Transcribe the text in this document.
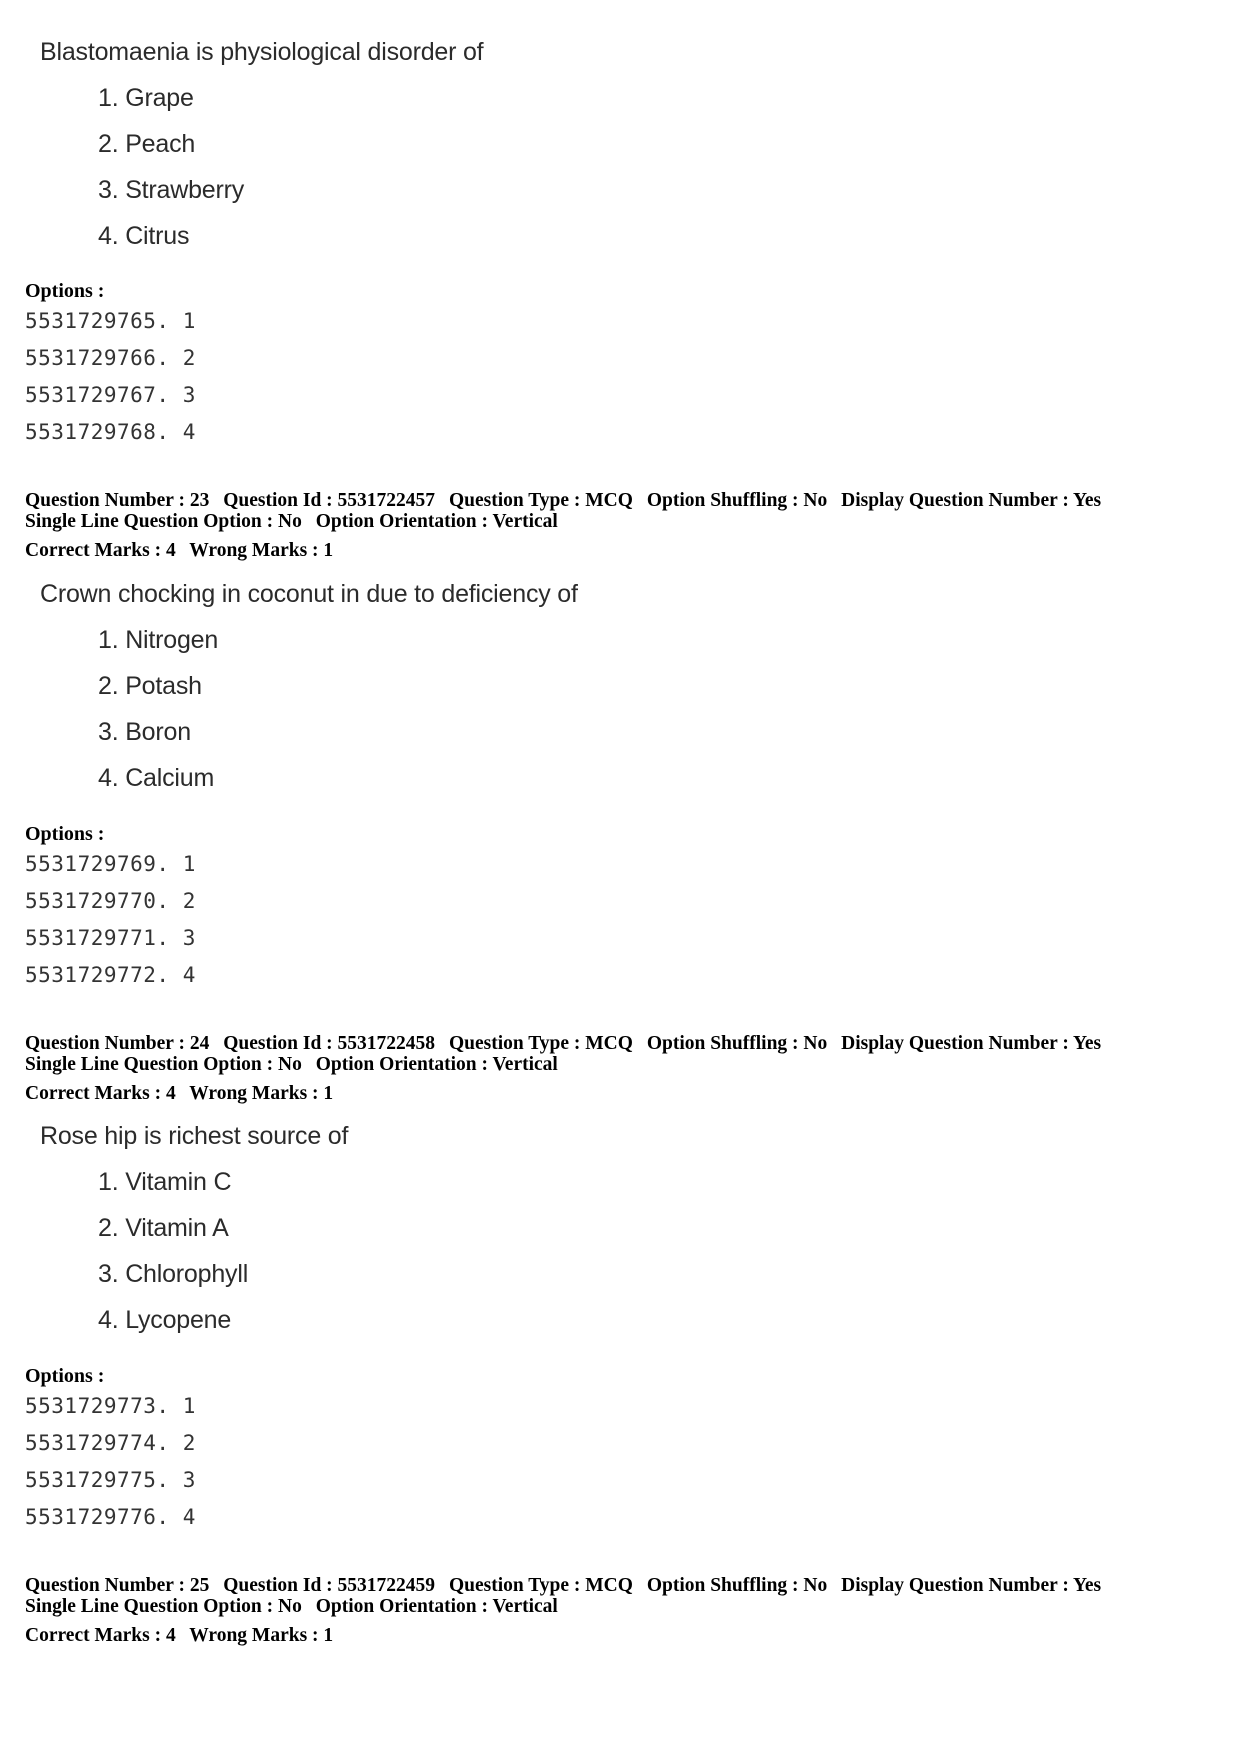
Blastomaenia is physiological disorder of
1. Grape
2. Peach
3. Strawberry
4. Citrus
Options :
5531729765. 1
5531729766. 2
5531729767. 3
5531729768. 4
Question Number : 23 Question Id : 5531722457 Question Type : MCQ Option Shuffling : No Display Question Number : Yes
Single Line Question Option : No Option Orientation : Vertical
Correct Marks : 4 Wrong Marks : 1
Crown chocking in coconut in due to deficiency of
1. Nitrogen
2. Potash
3. Boron
4. Calcium
Options :
5531729769. 1
5531729770. 2
5531729771. 3
5531729772. 4
Question Number : 24 Question Id : 5531722458 Question Type : MCQ Option Shuffling : No Display Question Number : Yes
Single Line Question Option : No Option Orientation : Vertical
Correct Marks : 4 Wrong Marks : 1
Rose hip is richest source of
1. Vitamin C
2. Vitamin A
3. Chlorophyll
4. Lycopene
Options :
5531729773. 1
5531729774. 2
5531729775. 3
5531729776. 4
Question Number : 25 Question Id : 5531722459 Question Type : MCQ Option Shuffling : No Display Question Number : Yes
Single Line Question Option : No Option Orientation : Vertical
Correct Marks : 4 Wrong Marks : 1
